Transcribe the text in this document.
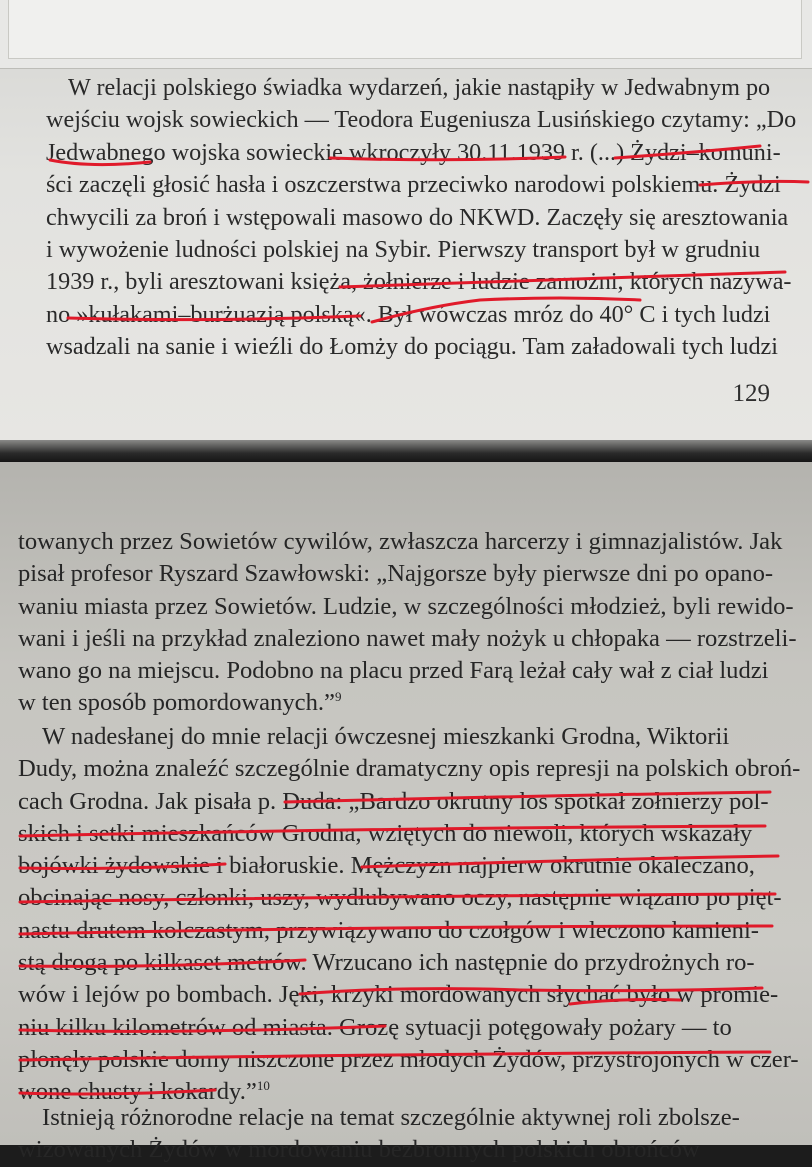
W relacji polskiego świadka wydarzeń, jakie nastąpiły w Jedwabnym po
wejściu wojsk sowieckich — Teodora Eugeniusza Lusińskiego czytamy: „Do
Jedwabnego wojska sowieckie wkroczyły 30.11.1939 r. (...) Żydzi–komuni-
ści zaczęli głosić hasła i oszczerstwa przeciwko narodowi polskiemu. Żydzi
chwycili za broń i wstępowali masowo do NKWD. Zaczęły się aresztowania
i wywożenie ludności polskiej na Sybir. Pierwszy transport był w grudniu
1939 r., byli aresztowani księża, żołnierze i ludzie zamożni, których nazywa-
no »kułakami–burżuazją polską«. Był wówczas mróz do 40° C i tych ludzi
wsadzali na sanie i wieźli do Łomży do pociągu. Tam załadowali tych ludzi
129
towanych przez Sowietów cywilów, zwłaszcza harcerzy i gimnazjalistów. Jak
pisał profesor Ryszard Szawłowski: „Najgorsze były pierwsze dni po opano-
waniu miasta przez Sowietów. Ludzie, w szczególności młodzież, byli rewido-
wani i jeśli na przykład znaleziono nawet mały nożyk u chłopaka — rozstrzeli-
wano go na miejscu. Podobno na placu przed Farą leżał cały wał z ciał ludzi
w ten sposób pomordowanych.”$^9$
W nadesłanej do mnie relacji ówczesnej mieszkanki Grodna, Wiktorii
Dudy, można znaleźć szczególnie dramatyczny opis represji na polskich obroń-
cach Grodna. Jak pisała p. Duda: „Bardzo okrutny los spotkał żołnierzy pol-
skich i setki mieszkańców Grodna, wziętych do niewoli, których wskazały
bojówki żydowskie i białoruskie. Mężczyzn najpierw okrutnie okaleczano,
obcinając nosy, członki, uszy, wydłubywano oczy, następnie wiązano po pięt-
nastu drutem kolczastym, przywiązywano do czołgów i wleczono kamieni-
stą drogą po kilkaset metrów. Wrzucano ich następnie do przydrożnych ro-
wów i lejów po bombach. Jęki, krzyki mordowanych słychać było w promie-
niu kilku kilometrów od miasta. Grozę sytuacji potęgowały pożary — to
płonęły polskie domy niszczone przez młodych Żydów, przystrojonych w czer-
wone chusty i kokardy.”$^{10}$
Istnieją różnorodne relacje na temat szczególnie aktywnej roli zbolsze-
wizowanych Żydów w mordowaniu bezbronnych polskich obrońców
